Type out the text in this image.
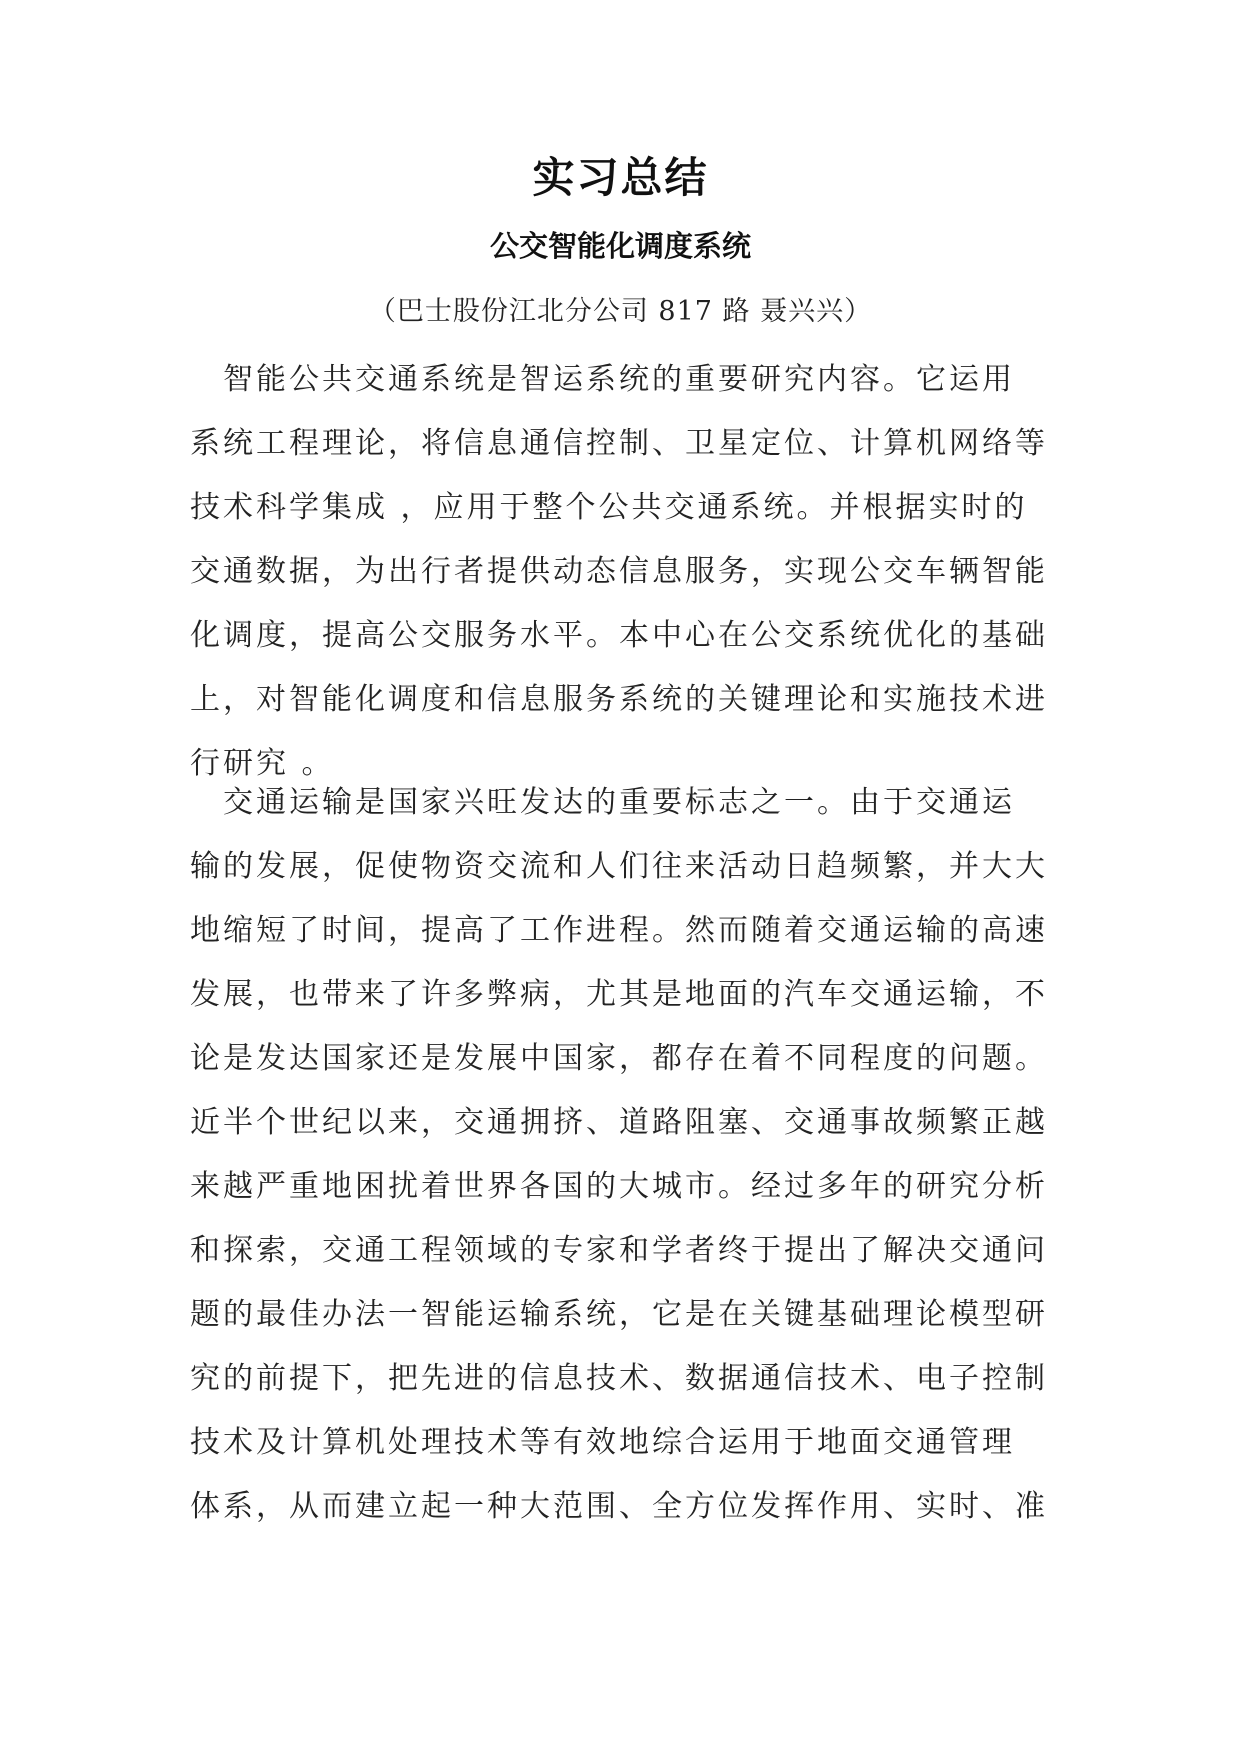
实习总结
公交智能化调度系统
（巴士股份江北分公司 817 路 聂兴兴）
　智能公共交通系统是智运系统的重要研究内容。它运用
系统工程理论，将信息通信控制、卫星定位、计算机网络等
技术科学集成 ，应用于整个公共交通系统。并根据实时的
交通数据，为出行者提供动态信息服务，实现公交车辆智能
化调度，提高公交服务水平。本中心在公交系统优化的基础
上，对智能化调度和信息服务系统的关键理论和实施技术进
行研究 。
　交通运输是国家兴旺发达的重要标志之一。由于交通运
输的发展，促使物资交流和人们往来活动日趋频繁，并大大
地缩短了时间，提高了工作进程。然而随着交通运输的高速
发展，也带来了许多弊病，尤其是地面的汽车交通运输，不
论是发达国家还是发展中国家，都存在着不同程度的问题。
近半个世纪以来，交通拥挤、道路阻塞、交通事故频繁正越
来越严重地困扰着世界各国的大城市。经过多年的研究分析
和探索，交通工程领域的专家和学者终于提出了解决交通问
题的最佳办法一智能运输系统，它是在关键基础理论模型研
究的前提下，把先进的信息技术、数据通信技术、电子控制
技术及计算机处理技术等有效地综合运用于地面交通管理
体系，从而建立起一种大范围、全方位发挥作用、实时、准
